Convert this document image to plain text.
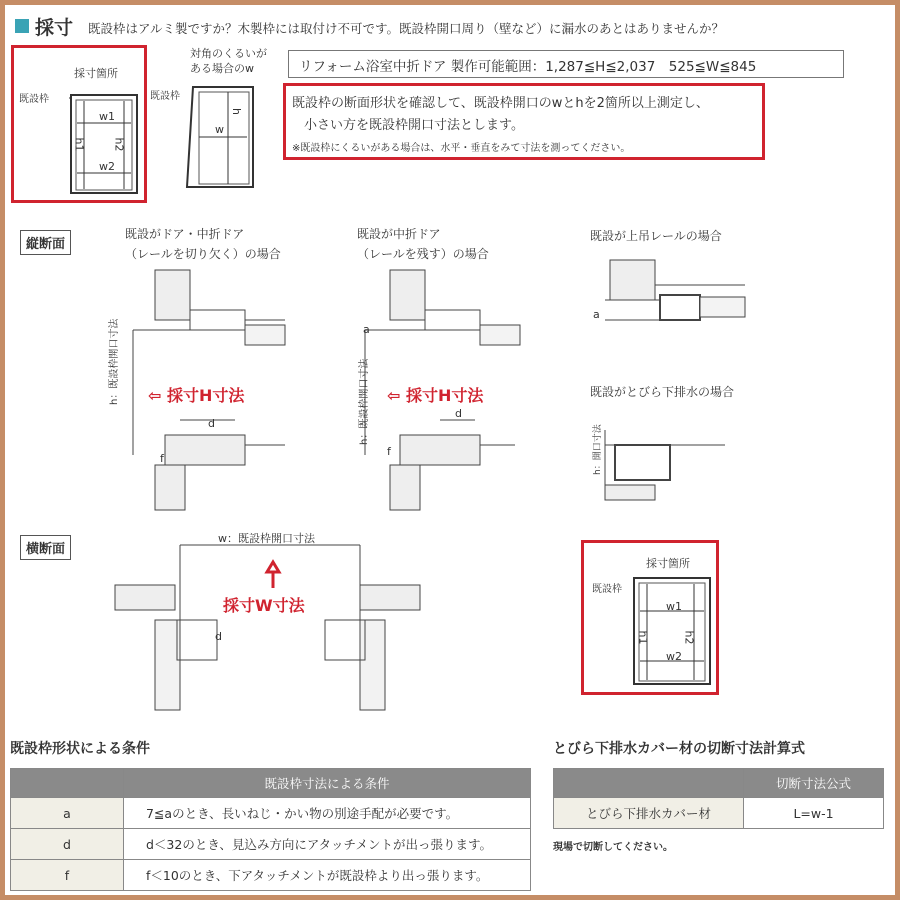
採寸 既設枠はアルミ製ですか？木製枠には取付け不可です。既設枠開口周り（壁など）に漏水のあとはありませんか？
採寸箇所
既設枠
w1
w2
h1 h2
対角のくるいが
ある場合のw
既設枠
w
h
リフォーム浴室中折ドア 製作可能範囲：1,287≦H≦2,037　525≦W≦845
既設枠の断面形状を確認して、既設枠開口のwとhを2箇所以上測定し、
小さい方を既設枠開口寸法とします。
※既設枠にくるいがある場合は、水平・垂直をみて寸法を測ってください。
縦断面
既設がドア・中折ドア
（レールを切り欠く）の場合
既設が中折ドア
（レールを残す）の場合
既設が上吊レールの場合
既設がとびら下排水の場合
h：既設枠開口寸法	h：既設枠開口寸法
h：開口寸法
⇦ 採寸H寸法	⇦ 採寸H寸法
d
f
d
f
a
a
横断面
w：既設枠開口寸法
d
採寸W寸法
採寸箇所
既設枠
w1
w2
h1	h2
既設枠形状による条件
	既設枠寸法による条件
a	7≦aのとき、長いねじ・かい物の別途手配が必要です。
d	d＜32のとき、見込み方向にアタッチメントが出っ張ります。
f	f＜10のとき、下アタッチメントが既設枠より出っ張ります。
とびら下排水カバー材の切断寸法計算式
	切断寸法公式
とびら下排水カバー材	L=w-1
現場で切断してください。
